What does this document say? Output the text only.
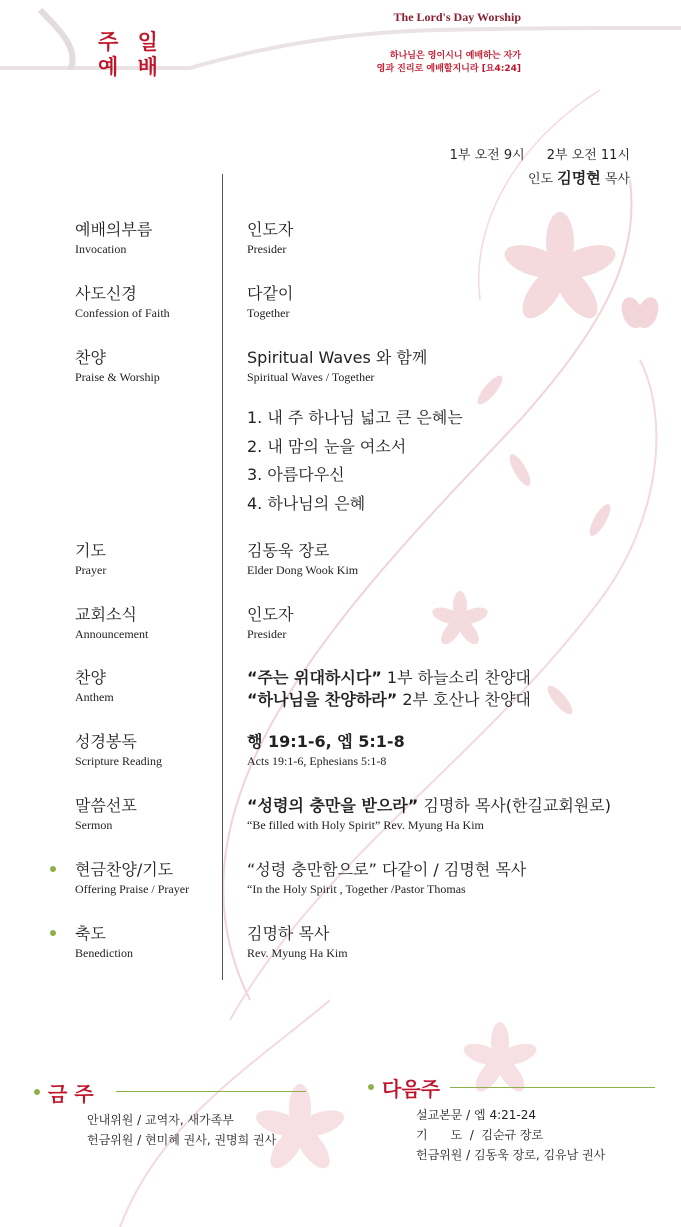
주 일
예 배
The Lord's Day Worship
하나님은 영이시니 예배하는 자가
영과 진리로 예배할지니라 [요4:24]
1부 오전 9시 2부 오전 11시
인도 김명현 목사
예배의부름
Invocation
인도자
Presider
사도신경
Confession of Faith
다같이
Together
찬양
Praise & Worship
Spiritual Waves 와 함께
Spiritual Waves / Together
1. 내 주 하나님 넓고 큰 은혜는
2. 내 맘의 눈을 여소서
3. 아름다우신
4. 하나님의 은혜
기도
Prayer
김동욱 장로
Elder Dong Wook Kim
교회소식
Announcement
인도자
Presider
찬양
Anthem
“주는 위대하시다” 1부 하늘소리 찬양대
“하나님을 찬양하라” 2부 호산나 찬양대
성경봉독
Scripture Reading
행 19:1-6, 엡 5:1-8
Acts 19:1-6, Ephesians 5:1-8
말씀선포
Sermon
“성령의 충만을 받으라” 김명하 목사(한길교회원로)
“Be filled with Holy Spirit” Rev. Myung Ha Kim
현금찬양/기도
Offering Praise / Prayer
“성령 충만함으로” 다같이 / 김명현 목사
“In the Holy Spirit , Together /Pastor Thomas
축도
Benediction
김명하 목사
Rev. Myung Ha Kim
금 주
안내위원 / 교역자, 새가족부
헌금위원 / 현미혜 권사, 권명희 권사
다음주
설교본문 / 엡 4:21-24
기      도  /  김순규 장로
헌금위원 / 김동욱 장로, 김유남 권사
